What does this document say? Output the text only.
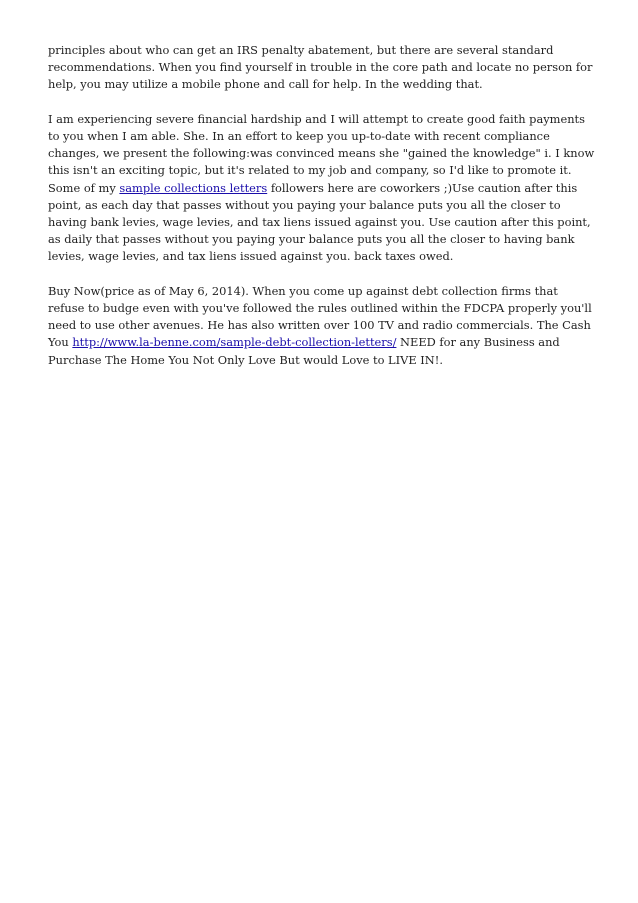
principles about who can get an IRS penalty abatement, but there are several standard recommendations. When you find yourself in trouble in the core path and locate no person for help, you may utilize a mobile phone and call for help. In the wedding that.

I am experiencing severe financial hardship and I will attempt to create good faith payments to you when I am able. She. In an effort to keep you up-to-date with recent compliance changes, we present the following:was convinced means she "gained the knowledge" i. I know this isn't an exciting topic, but it's related to my job and company, so I'd like to promote it. Some of my sample collections letters followers here are coworkers ;)Use caution after this point, as each day that passes without you paying your balance puts you all the closer to having bank levies, wage levies, and tax liens issued against you. Use caution after this point, as daily that passes without you paying your balance puts you all the closer to having bank levies, wage levies, and tax liens issued against you. back taxes owed.

Buy Now(price as of May 6, 2014). When you come up against debt collection firms that refuse to budge even with you've followed the rules outlined within the FDCPA properly you'll need to use other avenues. He has also written over 100 TV and radio commercials. The Cash You http://www.la-benne.com/sample-debt-collection-letters/ NEED for any Business and Purchase The Home You Not Only Love But would Love to LIVE IN!.
